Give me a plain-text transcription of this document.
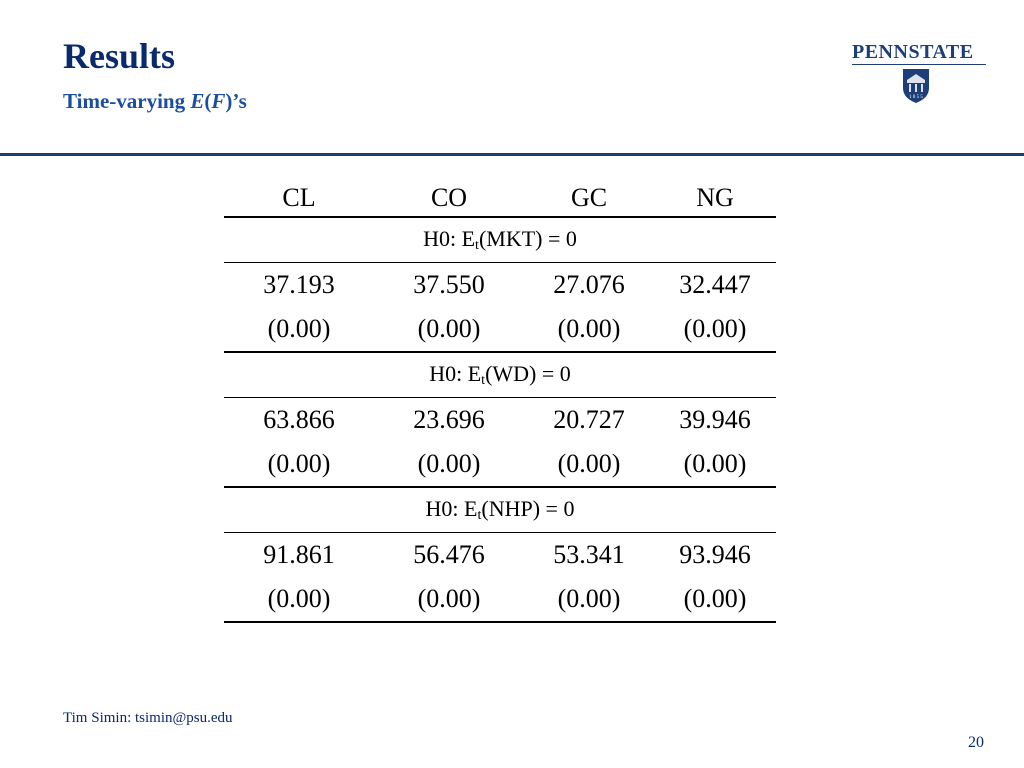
Results
Time-varying E(F)’s
PENNSTATE
1 8 5 5
CL	CO	GC	NG
H0: $E_t(MKT) = 0$
37.193	37.550	27.076	32.447
(0.00)	(0.00)	(0.00)	(0.00)
H0: $E_t(WD) = 0$
63.866	23.696	20.727	39.946
(0.00)	(0.00)	(0.00)	(0.00)
H0: $E_t(NHP) = 0$
91.861	56.476	53.341	93.946
(0.00)	(0.00)	(0.00)	(0.00)
Tim Simin: tsimin@psu.edu
20
